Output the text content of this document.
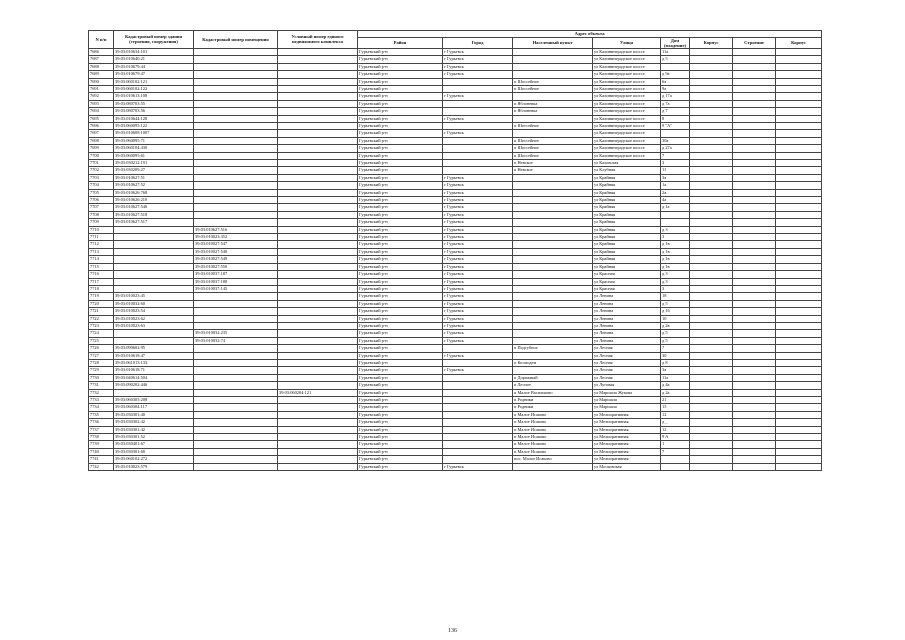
N п/п	Кадастровый номер здания (строения, сооружения)	Кадастровый номер помещения	Условный номер единого недвижимого комплекса	Адрес объекта							
				Район	Город	Населенный пункт	Улица	Дом (владение)	Корпус	Строение	Корпус
7686	39:03:010634:101			Гурьевский р-н	г Гурьевск		ул Калининградское шоссе	11а			
7687	39:03:010640:21			Гурьевский р-н	г Гурьевск		ул Калининградское шоссе	д 5			
7688	39:03:010679:44			Гурьевский р-н	г Гурьевск		ул Калининградское шоссе				
7689	39:03:010679:47			Гурьевский р-н	г Гурьевск		ул Калининградское шоссе	д 9а			
7690	39:03:060102:121			Гурьевский р-н		п Шоссейное	ул Калининградское шоссе	6а			
7691	39:03:060102:122			Гурьевский р-н		п Шоссейное	ул Калининградское шоссе	9а			
7692	39:03:010613:108			Гурьевский р-н	г Гурьевск		ул Калининградское шоссе	д 17а			
7693	39:03:080703:55			Гурьевский р-н		п Яблоневка	ул Калининградское шоссе	д 7а			
7694	39:03:080703:56			Гурьевский р-н		п Яблоневка	ул Калининградское шоссе	д 7			
7695	39:03:010644:128			Гурьевский р-н	г Гурьевск		ул Калининградское шоссе	8			
7696	39:03:060095:122			Гурьевский р-н		п Шоссейное	ул Калининградское шоссе	9 "А"			
7697	39:03:010608:1007			Гурьевский р-н	г Гурьевск		ул Калининградское шоссе				
7698	39:03:060095:71			Гурьевский р-н		п Шоссейное	ул Калининградское шоссе	30а			
7699	39:03:060104:430			Гурьевский р-н		п Шоссейное	ул Калининградское шоссе	д 27а			
7700	39:03:060095:61			Гурьевский р-н		п Шоссейное	ул Калининградское шоссе	7			
7701	39:03:030212:191			Гурьевский р-н		п Невское	ул Каховская	3			
7702	39:03:030209:27			Гурьевский р-н		п Невское	ул Клубная	11			
7703	39:03:010627:51			Гурьевский р-н	г Гурьевск		ул Крайняя	3а			
7704	39:03:010627:52			Гурьевский р-н	г Гурьевск		ул Крайняя	1а			
7705	39:03:010626:768			Гурьевский р-н	г Гурьевск		ул Крайняя	2а			
7706	39:03:010626:210			Гурьевский р-н	г Гурьевск		ул Крайняя	4а			
7707	39:03:010627:546			Гурьевский р-н	г Гурьевск		ул Крайняя	д 1а			
7708	39:03:010627:518			Гурьевский р-н	г Гурьевск		ул Крайняя				
7709	39:03:010627:517			Гурьевский р-н	г Гурьевск		ул Крайняя				
7710		39:03:010627:516		Гурьевский р-н	г Гурьевск		ул Крайняя	д 3			
7711		39:03:010023:352		Гурьевский р-н	г Гурьевск		ул Крайняя	3			
7712		39:03:010027:547		Гурьевский р-н	г Гурьевск		ул Крайняя	д 1в			
7713		39:03:010027:548		Гурьевский р-н	г Гурьевск		ул Крайняя	д 1в			
7714		39:03:010027:549		Гурьевский р-н	г Гурьевск		ул Крайняя	д 1в			
7715		39:03:010027:550		Гурьевский р-н	г Гурьевск		ул Крайняя	д 1в			
7716		39:03:010037:187		Гурьевский р-н	г Гурьевск		ул Красная	д 3			
7717		39:03:010037:188		Гурьевский р-н	г Гурьевск		ул Красная	д 3			
7718		39:03:010037:145		Гурьевский р-н	г Гурьевск		ул Красная	3			
7719	39:03:010023:45			Гурьевский р-н	г Гурьевск		ул Ленина	18			
7720	39:03:010032:60			Гурьевский р-н	г Гурьевск		ул Ленина	д 5			
7721	39:03:010023:54			Гурьевский р-н	г Гурьевск		ул Ленина	д 16			
7722	39:03:010023:62			Гурьевский р-н	г Гурьевск		ул Ленина	10			
7723	39:03:010023:63			Гурьевский р-н	г Гурьевск		ул Ленина	д 2в			
7724		39:03:010032:235		Гурьевский р-н	г Гурьевск		ул Ленина	д 5			
7725		39:03:010032:74		Гурьевский р-н	г Гурьевск		ул Ленина	д 5			
7726	39:03:090602:95			Гурьевский р-н		п Подгубное	ул Лесная	7			
7727	39:03:010618:47			Гурьевский р-н	г Гурьевск		ул Лесная	30			
7728	39:03:061013:133			Гурьевский р-н		п Космодем	ул Лесная	д 8			
7729	39:03:010618:71			Гурьевский р-н	г Гурьевск		ул Лесная	3а			
7730	39:03:040614:504			Гурьевский р-н		п Дорожный	ул Лесная	11а			
7731	39:03:090202:446			Гурьевский р-н		п Лесное	ул Луговая	д 4а			
7732			39:03:060204:121	Гурьевский р-н		п Малое Васильково	ул Маршала Жукова	д 2а			
7733	39:03:060305:208			Гурьевский р-н		п Родники	ул Маршала	21			
7734	39:03:060304:117			Гурьевский р-н		п Родники	ул Маршала	15			
7735	39:03:030301:40			Гурьевский р-н		п Малое Исаково	ул Мелиоративная	12			
7736	39:03:030302:42			Гурьевский р-н		п Малое Исаково	ул Мелиоративная	д _			
7737	39:03:030301:42			Гурьевский р-н		п Малое Исаково	ул Мелиоративная	12			
7738	39:03:030301:52			Гурьевский р-н		п Малое Исаково	ул Мелиоративная	9 А			
7739	39:03:030401:67			Гурьевский р-н		п Малое Исаково	ул Мелиоративная	1			
7740	39:03:030301:68			Гурьевский р-н		п Малое Исаково	ул Мелиоративная	7			
7741	39:03:060102:272			Гурьевский р-н		пос. Малое Исаково	ул Мелиоративная				
7742	39:03:010023:579			Гурьевский р-н	г Гурьевск		ул Московская				
136
